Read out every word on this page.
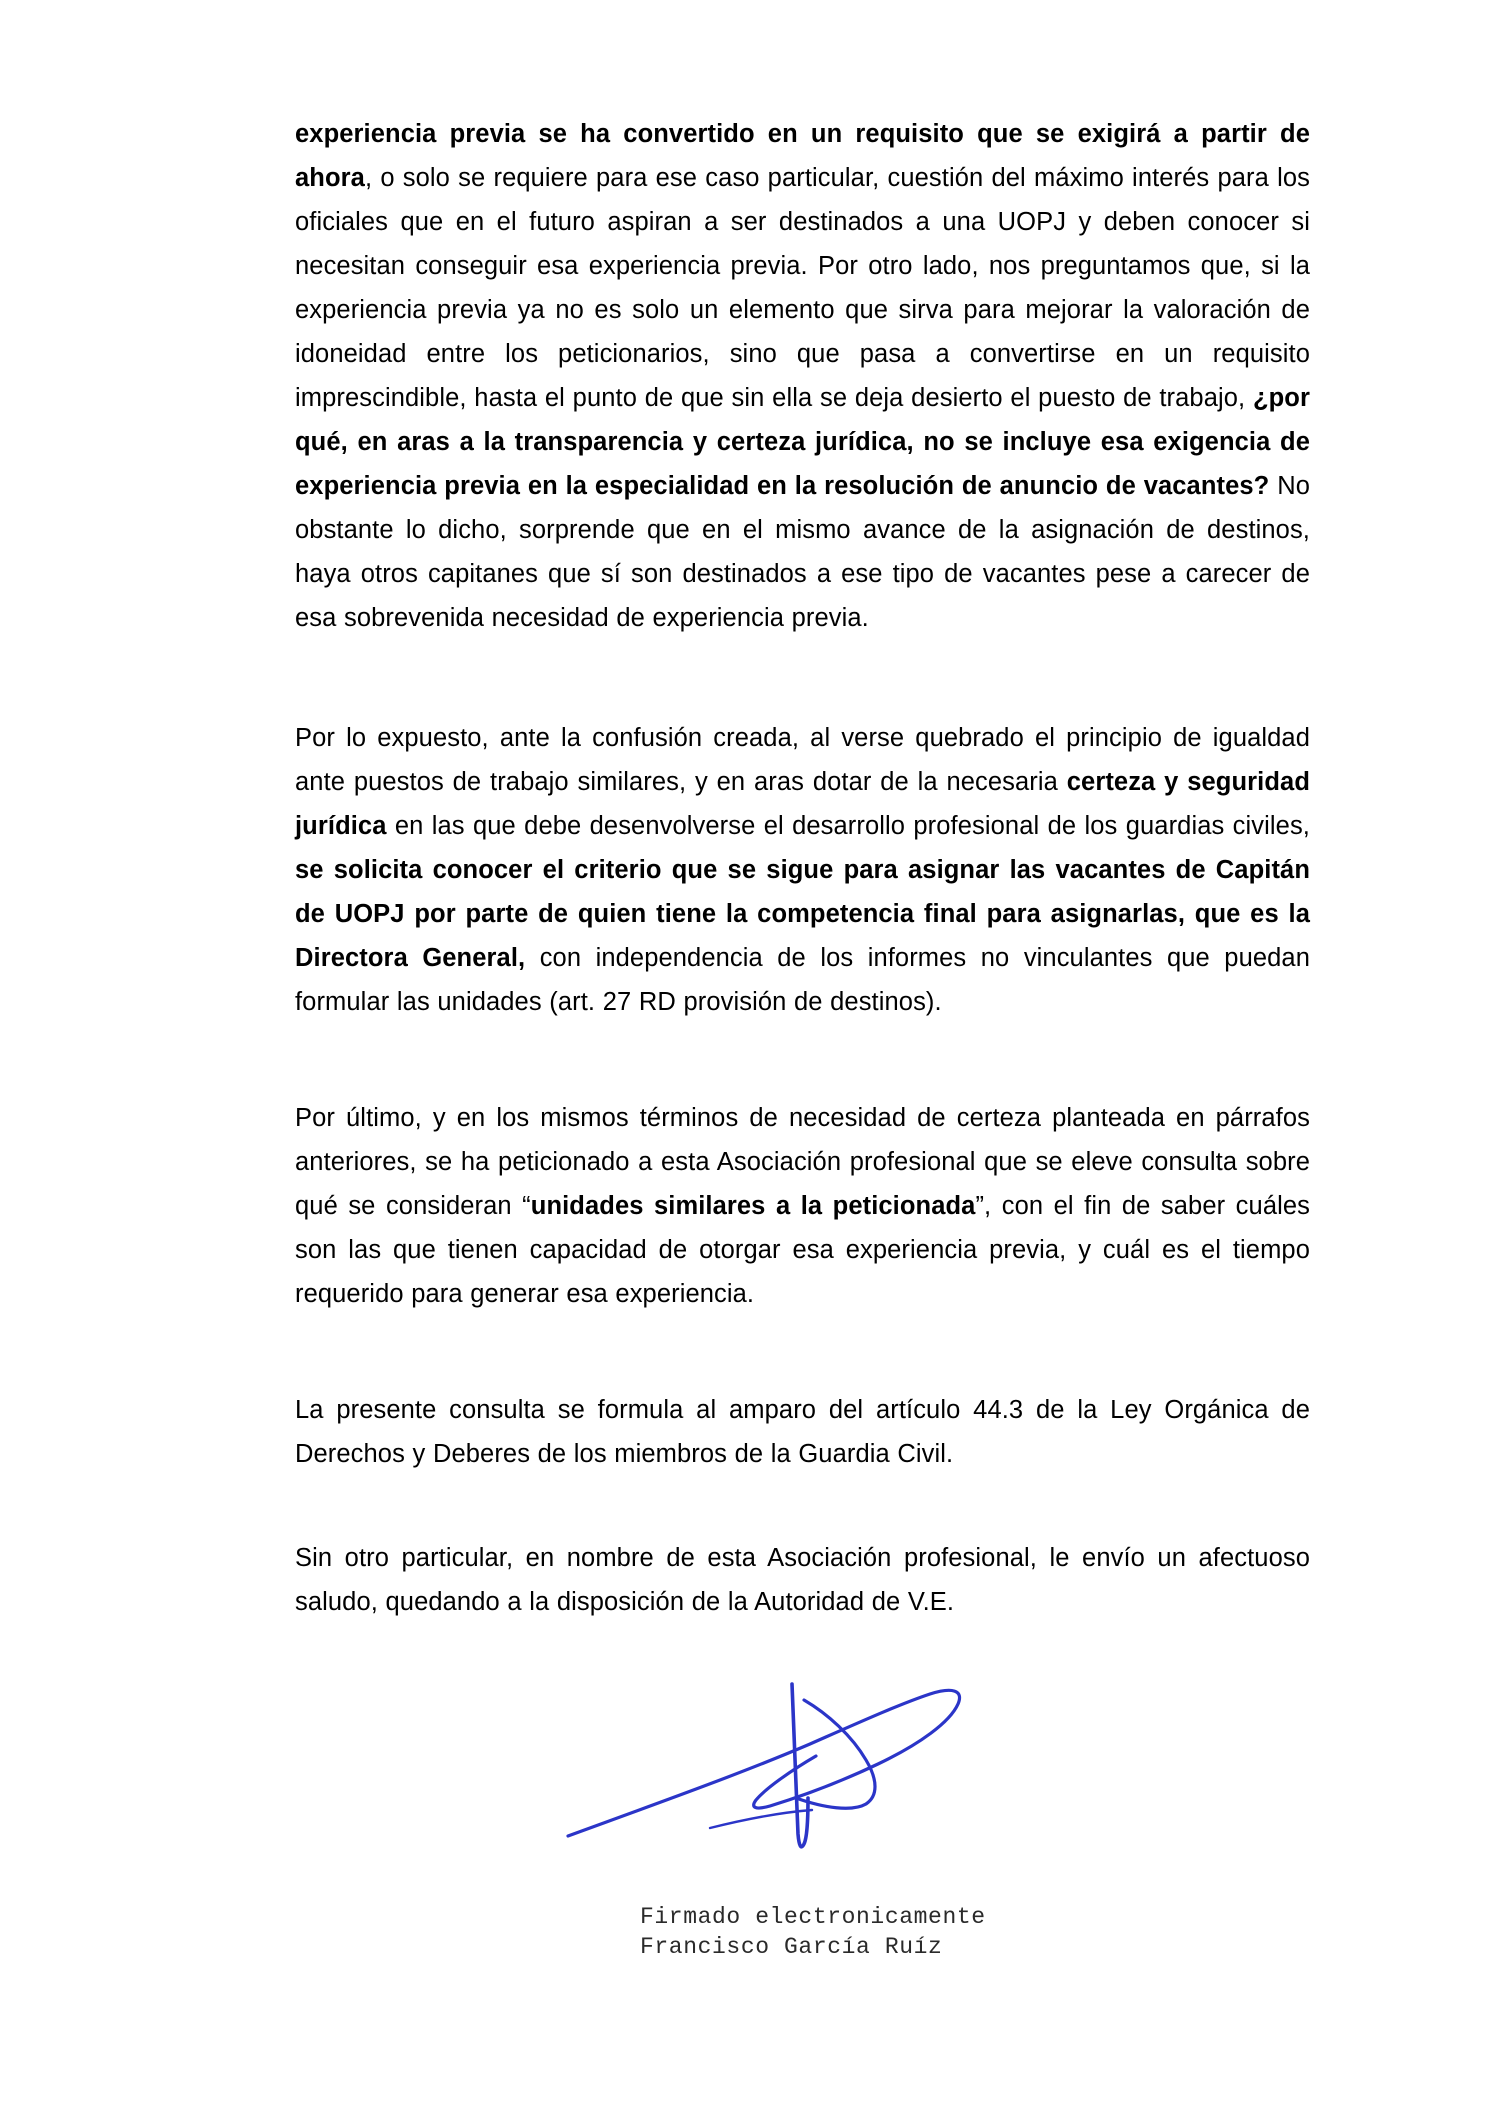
experiencia previa se ha convertido en un requisito que se exigirá a partir de ahora, o solo se requiere para ese caso particular, cuestión del máximo interés para los oficiales que en el futuro aspiran a ser destinados a una UOPJ y deben conocer si necesitan conseguir esa experiencia previa. Por otro lado, nos preguntamos que, si la experiencia previa ya no es solo un elemento que sirva para mejorar la valoración de idoneidad entre los peticionarios, sino que pasa a convertirse en un requisito imprescindible, hasta el punto de que sin ella se deja desierto el puesto de trabajo, ¿por qué, en aras a la transparencia y certeza jurídica, no se incluye esa exigencia de experiencia previa en la especialidad en la resolución de anuncio de vacantes? No obstante lo dicho, sorprende que en el mismo avance de la asignación de destinos, haya otros capitanes que sí son destinados a ese tipo de vacantes pese a carecer de esa sobrevenida necesidad de experiencia previa.

Por lo expuesto, ante la confusión creada, al verse quebrado el principio de igualdad ante puestos de trabajo similares, y en aras dotar de la necesaria certeza y seguridad jurídica en las que debe desenvolverse el desarrollo profesional de los guardias civiles, se solicita conocer el criterio que se sigue para asignar las vacantes de Capitán de UOPJ por parte de quien tiene la competencia final para asignarlas, que es la Directora General, con independencia de los informes no vinculantes que puedan formular las unidades (art. 27 RD provisión de destinos).

Por último, y en los mismos términos de necesidad de certeza planteada en párrafos anteriores, se ha peticionado a esta Asociación profesional que se eleve consulta sobre qué se consideran “unidades similares a la peticionada”, con el fin de saber cuáles son las que tienen capacidad de otorgar esa experiencia previa, y cuál es el tiempo requerido para generar esa experiencia.

La presente consulta se formula al amparo del artículo 44.3 de la Ley Orgánica de Derechos y Deberes de los miembros de la Guardia Civil.

Sin otro particular, en nombre de esta Asociación profesional, le envío un afectuoso saludo, quedando a la disposición de la Autoridad de V.E.

Firmado electronicamente
Francisco García Ruíz
